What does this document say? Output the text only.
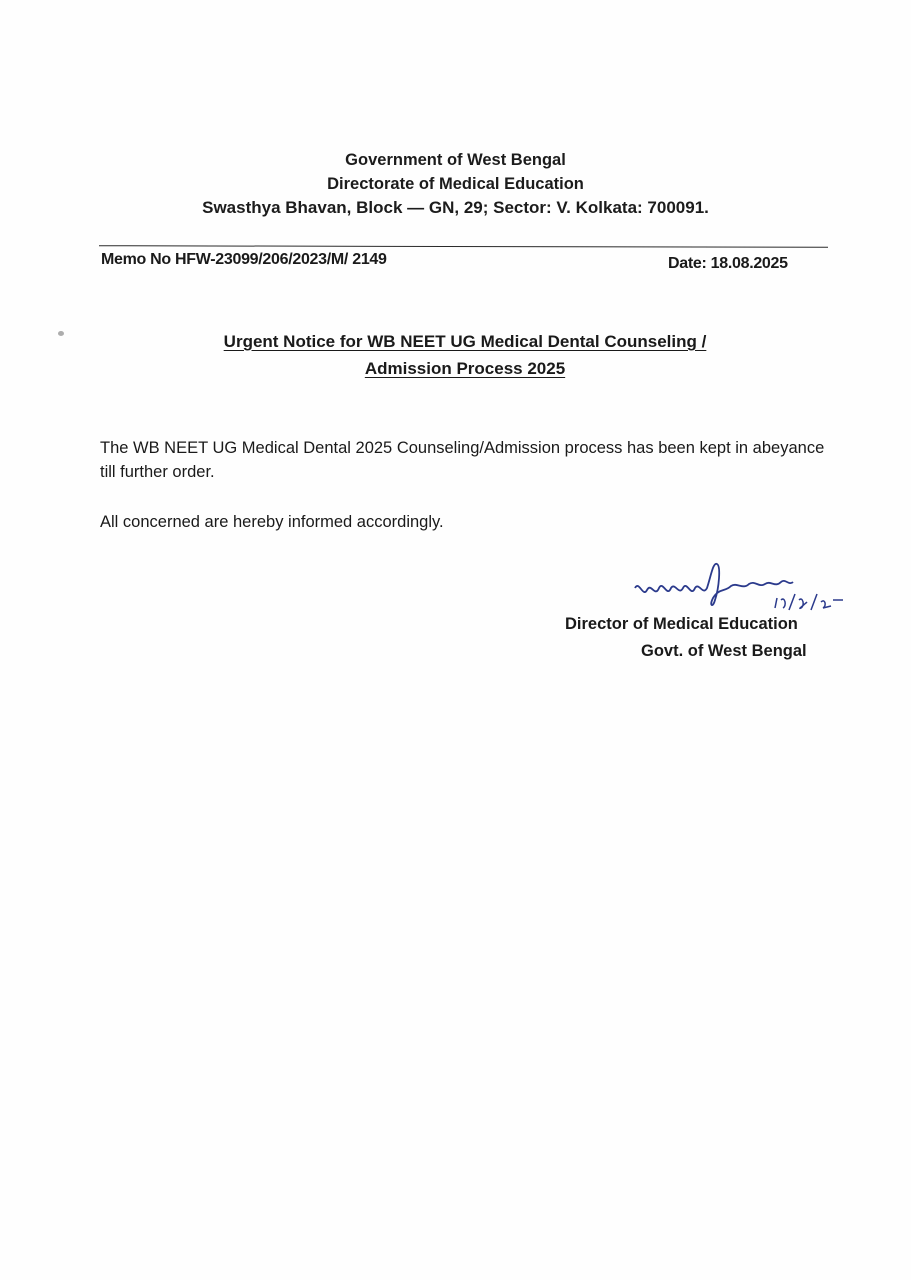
Government of West Bengal
Directorate of Medical Education
Swasthya Bhavan, Block — GN, 29; Sector: V. Kolkata: 700091.
Memo No HFW-23099/206/2023/M/ 2149	Date: 18.08.2025
Urgent Notice for WB NEET UG Medical Dental Counseling /
Admission Process 2025
The WB NEET UG Medical Dental 2025 Counseling/Admission process has been kept in abeyance till further order.
All concerned are hereby informed accordingly.
Director of Medical Education
Govt. of West Bengal
